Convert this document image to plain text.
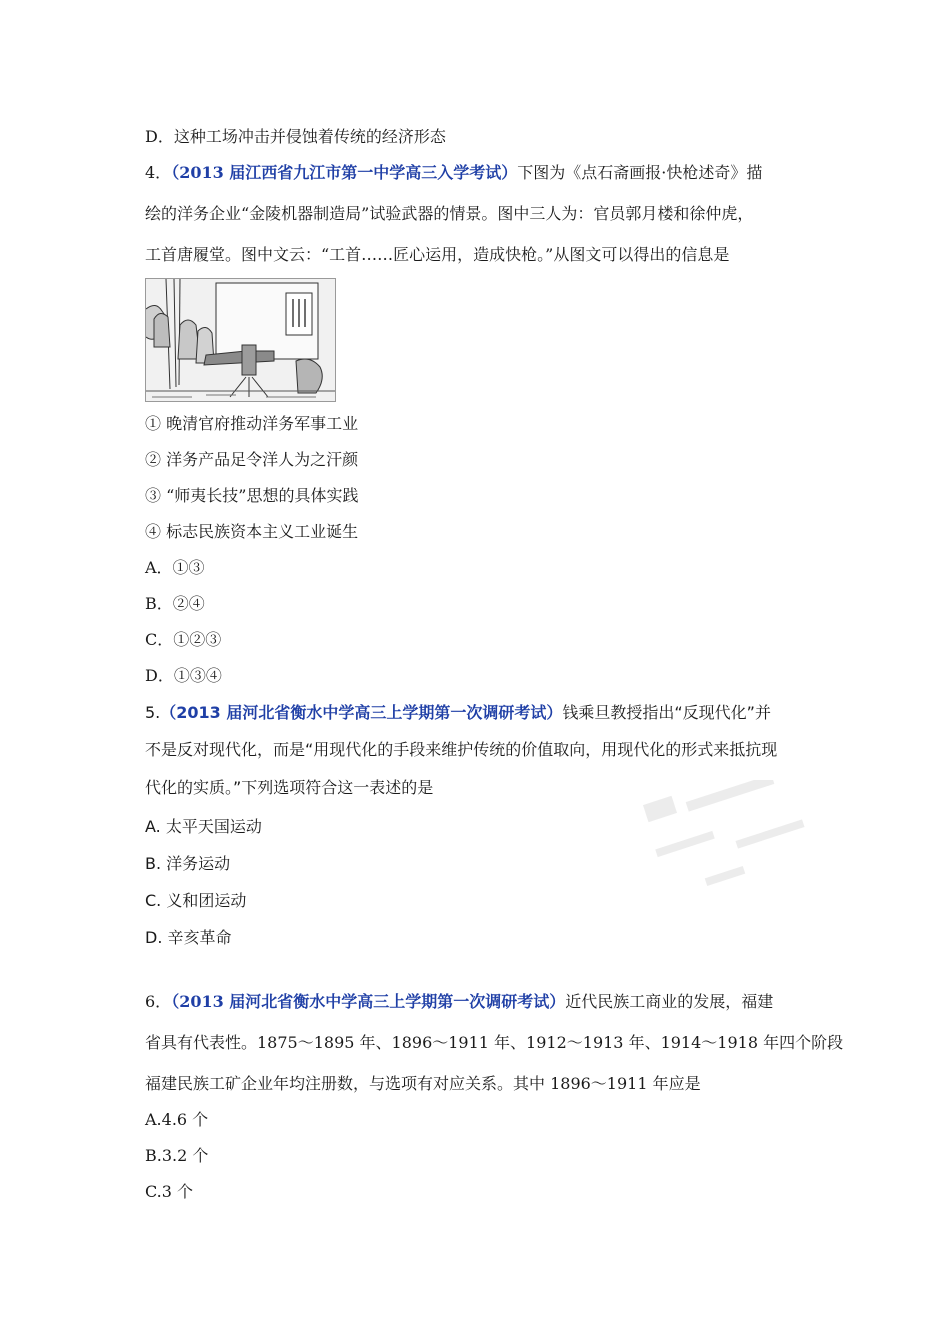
D．这种工场冲击并侵蚀着传统的经济形态
4．（2013 届江西省九江市第一中学高三入学考试）下图为《点石斋画报·快枪述奇》描
绘的洋务企业“金陵机器制造局”试验武器的情景。图中三人为：官员郭月楼和徐仲虎，
工首唐履堂。图中文云：“工首……匠心运用，造成快枪。”从图文可以得出的信息是
① 晚清官府推动洋务军事工业
② 洋务产品足令洋人为之汗颜
③ “师夷长技”思想的具体实践
④ 标志民族资本主义工业诞生
A．①③
B．②④
C．①②③
D．①③④
5.（2013 届河北省衡水中学高三上学期第一次调研考试）钱乘旦教授指出“反现代化”并
不是反对现代化，而是“用现代化的手段来维护传统的价值取向，用现代化的形式来抵抗现
代化的实质。”下列选项符合这一表述的是
A. 太平天国运动
B. 洋务运动
C. 义和团运动
D. 辛亥革命
6．（2013 届河北省衡水中学高三上学期第一次调研考试）近代民族工商业的发展，福建
省具有代表性。1875～1895 年、1896～1911 年、1912～1913 年、1914～1918 年四个阶段
福建民族工矿企业年均注册数，与选项有对应关系。其中 1896～1911 年应是
A.4.6 个
B.3.2 个
C.3 个
